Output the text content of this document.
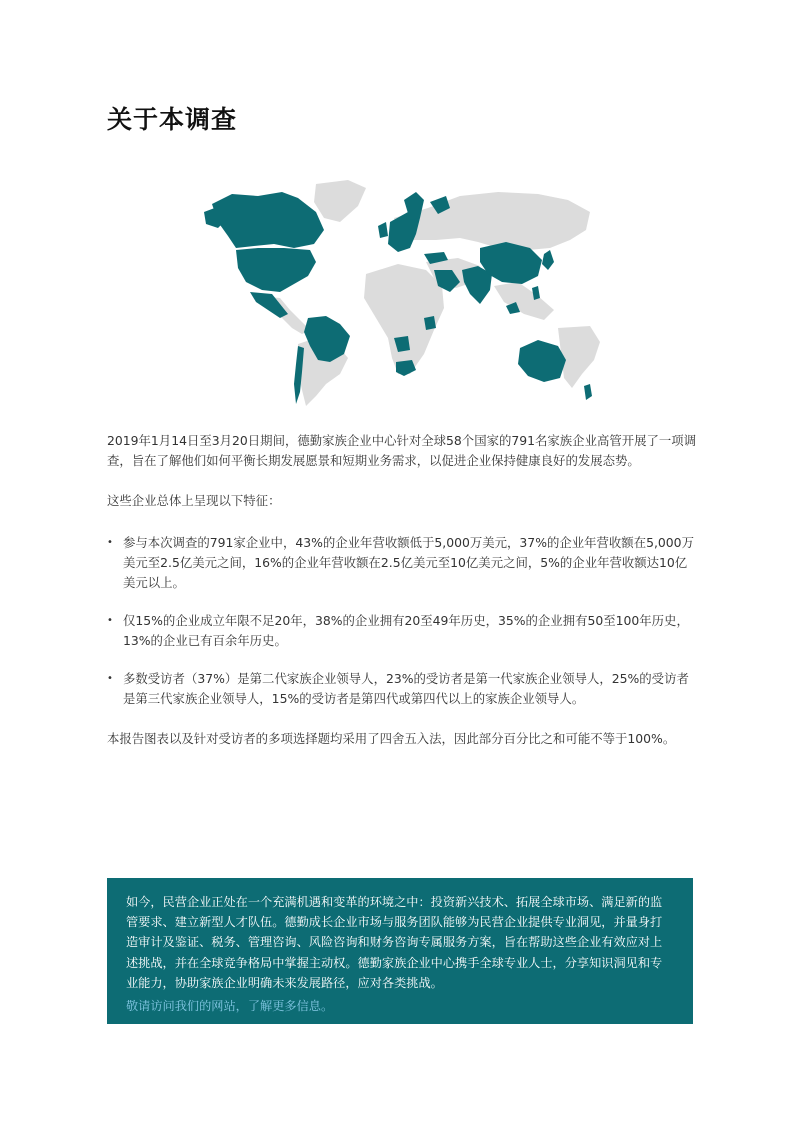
关于本调查

2019年1月14日至3月20日期间，德勤家族企业中心针对全球58个国家的791名家族企业高管开展了一项调查，旨在了解他们如何平衡长期发展愿景和短期业务需求，以促进企业保持健康良好的发展态势。

这些企业总体上呈现以下特征：

• 参与本次调查的791家企业中，43%的企业年营收额低于5,000万美元，37%的企业年营收额在5,000万美元至2.5亿美元之间，16%的企业年营收额在2.5亿美元至10亿美元之间，5%的企业年营收额达10亿美元以上。
• 仅15%的企业成立年限不足20年，38%的企业拥有20至49年历史，35%的企业拥有50至100年历史，13%的企业已有百余年历史。
• 多数受访者（37%）是第二代家族企业领导人，23%的受访者是第一代家族企业领导人，25%的受访者是第三代家族企业领导人，15%的受访者是第四代或第四代以上的家族企业领导人。

本报告图表以及针对受访者的多项选择题均采用了四舍五入法，因此部分百分比之和可能不等于100%。

如今，民营企业正处在一个充满机遇和变革的环境之中：投资新兴技术、拓展全球市场、满足新的监管要求、建立新型人才队伍。德勤成长企业市场与服务团队能够为民营企业提供专业洞见，并量身打造审计及鉴证、税务、管理咨询、风险咨询和财务咨询专属服务方案，旨在帮助这些企业有效应对上述挑战，并在全球竞争格局中掌握主动权。德勤家族企业中心携手全球专业人士，分享知识洞见和专业能力，协助家族企业明确未来发展路径，应对各类挑战。

敬请访问我们的网站，了解更多信息。
